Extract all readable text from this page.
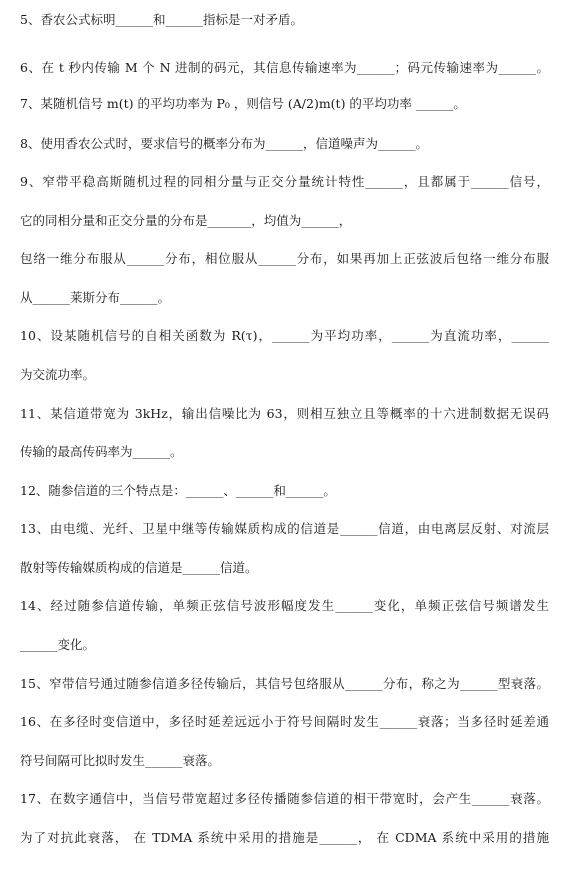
5、香农公式标明______和______指标是一对矛盾。
6、在 t 秒内传输 M 个 N 进制的码元，其信息传输速率为______；码元传输速率为______。
7、某随机信号 m(t) 的平均功率为 P₀ ，则信号 (A/2)m(t) 的平均功率 ______。
8、使用香农公式时，要求信号的概率分布为______，信道噪声为______。
9、窄带平稳高斯随机过程的同相分量与正交分量统计特性______，且都属于______信号，
它的同相分量和正交分量的分布是_______，均值为______，
包络一维分布服从______分布，相位服从______分布，如果再加上正弦波后包络一维分布服
从______莱斯分布______。
10、设某随机信号的自相关函数为 R(τ)，______为平均功率，______为直流功率，______
为交流功率。
11、某信道带宽为 3kHz，输出信噪比为 63，则相互独立且等概率的十六进制数据无误码
传输的最高传码率为______。
12、随参信道的三个特点是：______、______和______。
13、由电缆、光纤、卫星中继等传输媒质构成的信道是______信道，由电离层反射、对流层
散射等传输媒质构成的信道是______信道。
14、经过随参信道传输，单频正弦信号波形幅度发生______变化，单频正弦信号频谱发生
______变化。
15、窄带信号通过随参信道多径传输后，其信号包络服从______分布，称之为______型衰落。
16、在多径时变信道中，多径时延差远远小于符号间隔时发生______衰落；当多径时延差通
符号间隔可比拟时发生______衰落。
17、在数字通信中，当信号带宽超过多径传播随参信道的相干带宽时，会产生______衰落。
为了对抗此衰落， 在 TDMA 系统中采用的措施是______， 在 CDMA 系统中采用的措施
